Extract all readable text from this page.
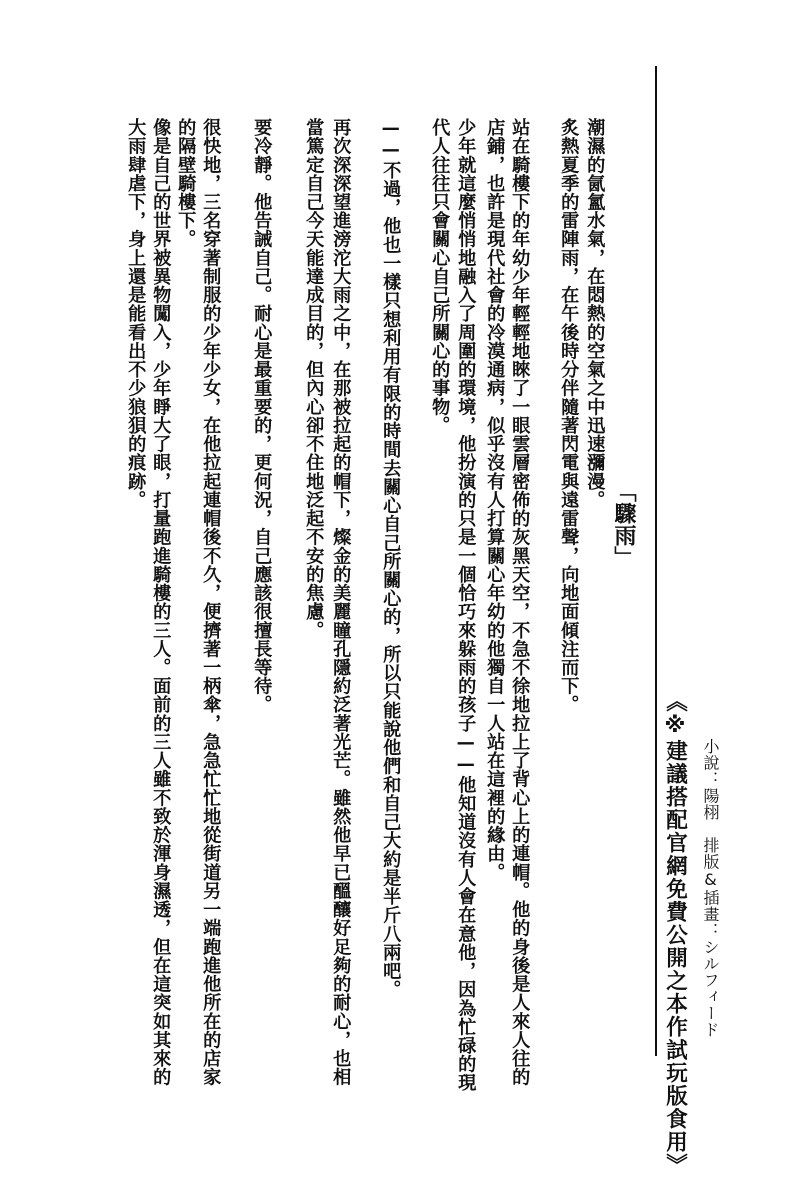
小說：陽栩　排版&插畫：シルフィード
《※建議搭配官網免費公開之本作試玩版食用》
「驟雨」
潮濕的氤氳水氣，在悶熱的空氣之中迅速瀰漫。
炙熱夏季的雷陣雨，在午後時分伴隨著閃電與遠雷聲，向地面傾注而下。
站在騎樓下的年幼少年輕輕地睞了一眼雲層密佈的灰黑天空，不急不徐地拉上了背心上的連帽。他的身後是人來人往的
店鋪，也許是現代社會的冷漠通病，似乎沒有人打算關心年幼的他獨自一人站在這裡的緣由。
少年就這麼悄悄地融入了周圍的環境，他扮演的只是一個恰巧來躲雨的孩子——他知道沒有人會在意他，因為忙碌的現
代人往往只會關心自己所關心的事物。
——不過，他也一樣只想利用有限的時間去關心自己所關心的，所以只能說他們和自己大約是半斤八兩吧。
再次深深望進滂沱大雨之中，在那被拉起的帽下，燦金的美麗瞳孔隱約泛著光芒。雖然他早已醞釀好足夠的耐心，也相
當篤定自己今天能達成目的，但內心卻不住地泛起不安的焦慮。
要冷靜。他告誡自己。耐心是最重要的，更何況，自己應該很擅長等待。
很快地，三名穿著制服的少年少女，在他拉起連帽後不久，便擠著一柄傘，急急忙忙地從街道另一端跑進他所在的店家
的隔壁騎樓下。
像是自己的世界被異物闖入，少年睜大了眼，打量跑進騎樓的三人。面前的三人雖不致於渾身濕透，但在這突如其來的
大雨肆虐下，身上還是能看出不少狼狽的痕跡。
